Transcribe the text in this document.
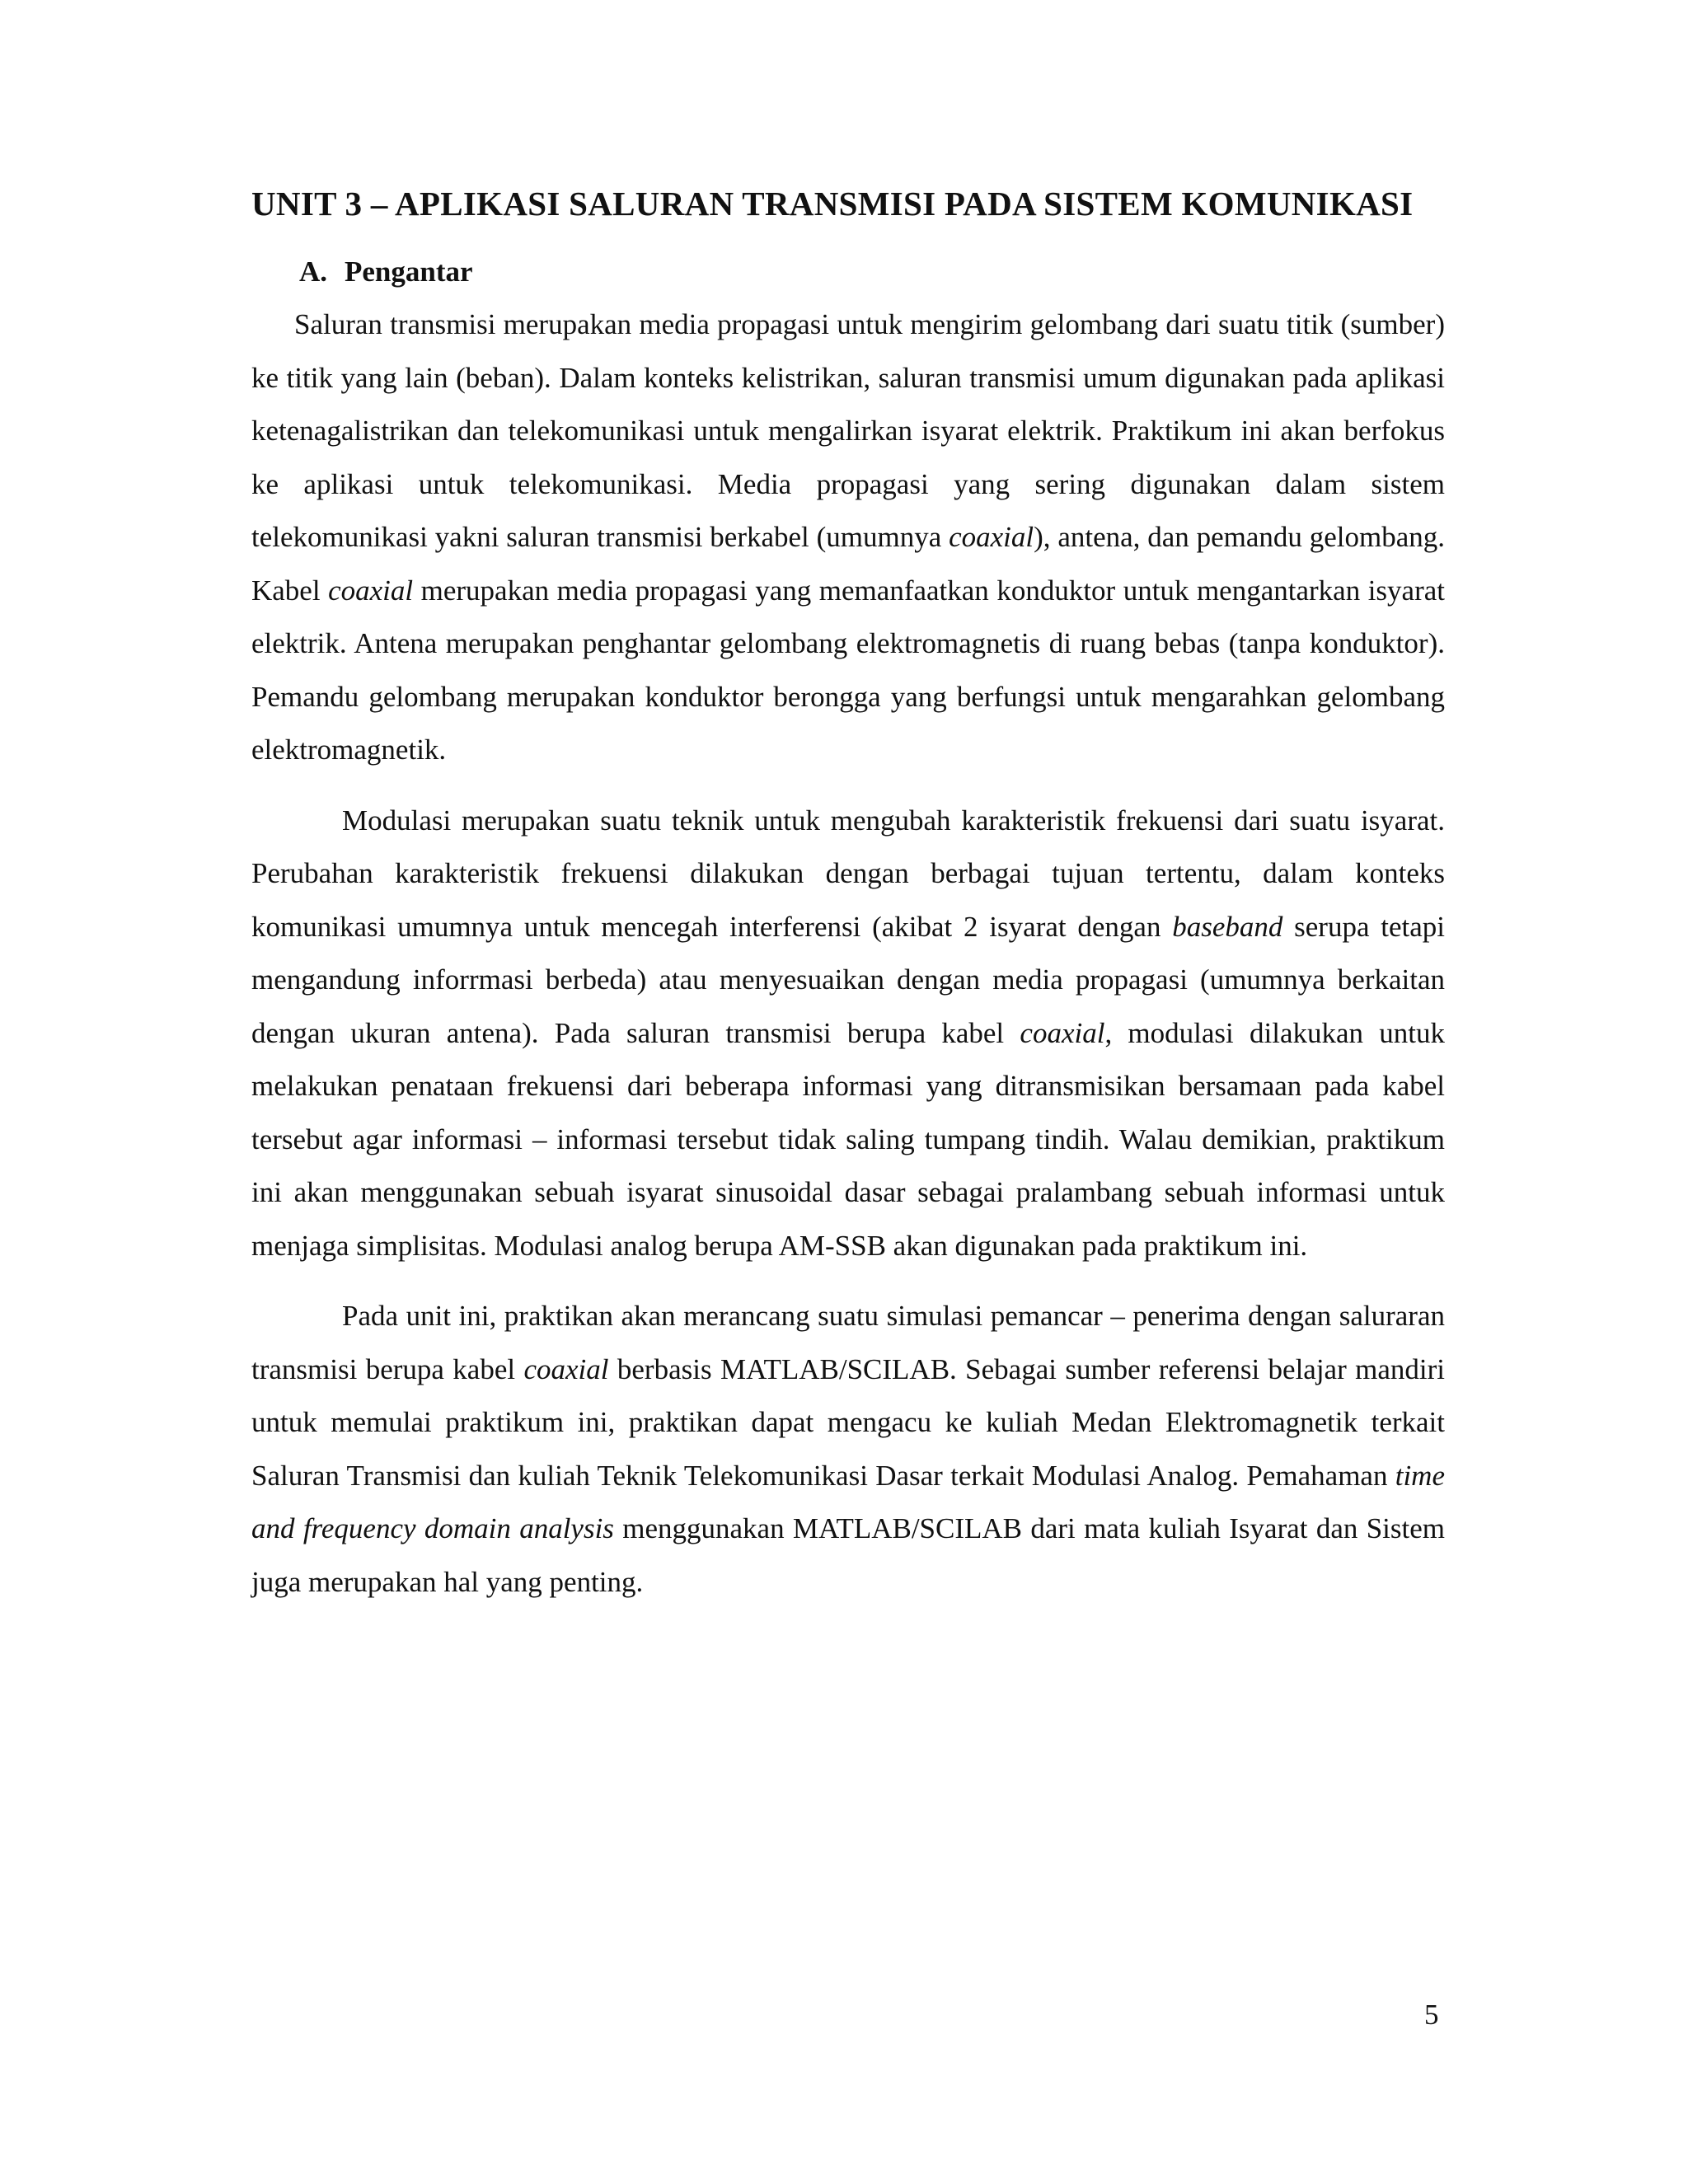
UNIT 3 – APLIKASI SALURAN TRANSMISI PADA SISTEM KOMUNIKASI
A. Pengantar

Saluran transmisi merupakan media propagasi untuk mengirim gelombang dari suatu titik (sumber) ke titik yang lain (beban). Dalam konteks kelistrikan, saluran transmisi umum digunakan pada aplikasi ketenagalistrikan dan telekomunikasi untuk mengalirkan isyarat elektrik. Praktikum ini akan berfokus ke aplikasi untuk telekomunikasi. Media propagasi yang sering digunakan dalam sistem telekomunikasi yakni saluran transmisi berkabel (umumnya coaxial), antena, dan pemandu gelombang. Kabel coaxial merupakan media propagasi yang memanfaatkan konduktor untuk mengantarkan isyarat elektrik. Antena merupakan penghantar gelombang elektromagnetis di ruang bebas (tanpa konduktor). Pemandu gelombang merupakan konduktor berongga yang berfungsi untuk mengarahkan gelombang elektromagnetik.

Modulasi merupakan suatu teknik untuk mengubah karakteristik frekuensi dari suatu isyarat. Perubahan karakteristik frekuensi dilakukan dengan berbagai tujuan tertentu, dalam konteks komunikasi umumnya untuk mencegah interferensi (akibat 2 isyarat dengan baseband serupa tetapi mengandung inforrmasi berbeda) atau menyesuaikan dengan media propagasi (umumnya berkaitan dengan ukuran antena). Pada saluran transmisi berupa kabel coaxial, modulasi dilakukan untuk melakukan penataan frekuensi dari beberapa informasi yang ditransmisikan bersamaan pada kabel tersebut agar informasi – informasi tersebut tidak saling tumpang tindih. Walau demikian, praktikum ini akan menggunakan sebuah isyarat sinusoidal dasar sebagai pralambang sebuah informasi untuk menjaga simplisitas. Modulasi analog berupa AM-SSB akan digunakan pada praktikum ini.

Pada unit ini, praktikan akan merancang suatu simulasi pemancar – penerima dengan saluraran transmisi berupa kabel coaxial berbasis MATLAB/SCILAB. Sebagai sumber referensi belajar mandiri untuk memulai praktikum ini, praktikan dapat mengacu ke kuliah Medan Elektromagnetik terkait Saluran Transmisi dan kuliah Teknik Telekomunikasi Dasar terkait Modulasi Analog. Pemahaman time and frequency domain analysis menggunakan MATLAB/SCILAB dari mata kuliah Isyarat dan Sistem juga merupakan hal yang penting.

5
